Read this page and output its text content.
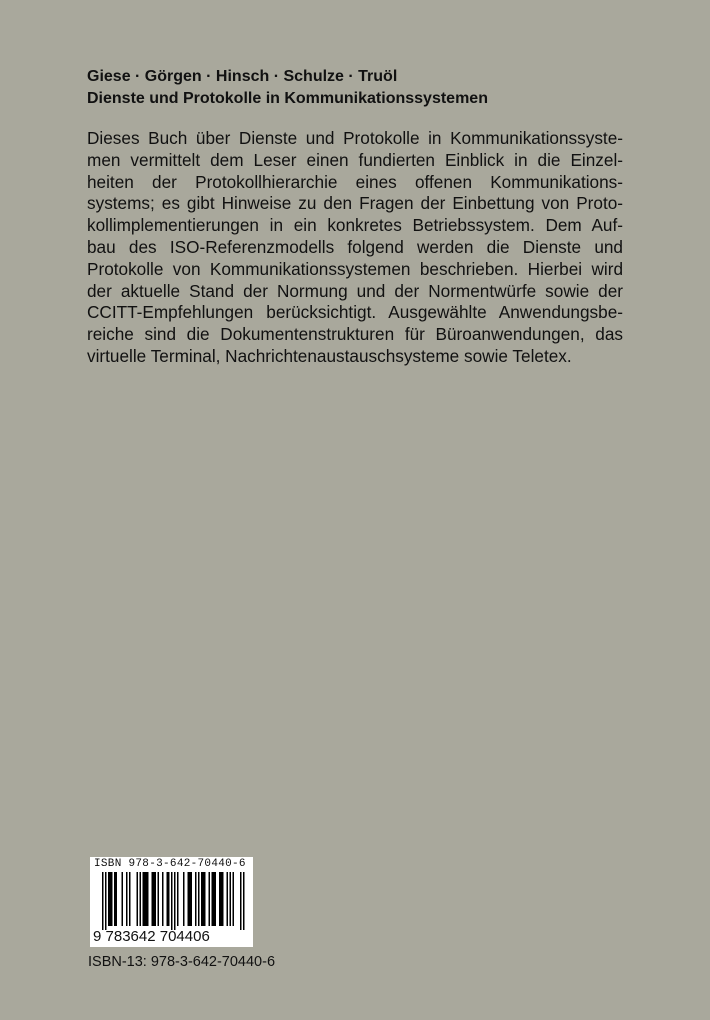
Giese · Görgen · Hinsch · Schulze · Truöl
Dienste und Protokolle in Kommunikationssystemen
Dieses Buch über Dienste und Protokolle in Kommunikationssyste-
men vermittelt dem Leser einen fundierten Einblick in die Einzel-
heiten der Protokollhierarchie eines offenen Kommunikations-
systems; es gibt Hinweise zu den Fragen der Einbettung von Proto-
kollimplementierungen in ein konkretes Betriebssystem. Dem Auf-
bau des ISO-Referenzmodells folgend werden die Dienste und
Protokolle von Kommunikationssystemen beschrieben. Hierbei wird
der aktuelle Stand der Normung und der Normentwürfe sowie der
CCITT-Empfehlungen berücksichtigt. Ausgewählte Anwendungsbe-
reiche sind die Dokumentenstrukturen für Büroanwendungen, das
virtuelle Terminal, Nachrichtenaustauschsysteme sowie Teletex.
ISBN 978-3-642-70440-6
9 783642 704406
ISBN-13: 978-3-642-70440-6
